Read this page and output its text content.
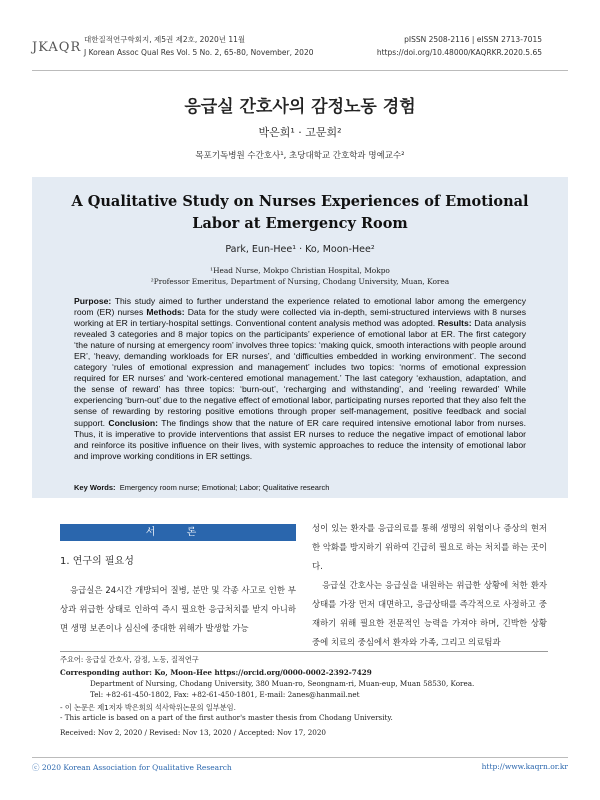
JKAQR
대한질적연구학회지, 제5권 제2호, 2020년 11월
J Korean Assoc Qual Res Vol. 5 No. 2, 65-80, November, 2020
pISSN 2508-2116 | eISSN 2713-7015
https://doi.org/10.48000/KAQRKR.2020.5.65
응급실 간호사의 감정노동 경험
박은희¹ · 고문희²
목포기독병원 수간호사¹, 초당대학교 간호학과 명예교수²
A Qualitative Study on Nurses Experiences of Emotional Labor at Emergency Room
Park, Eun-Hee¹ · Ko, Moon-Hee²
¹Head Nurse, Mokpo Christian Hospital, Mokpo
²Professor Emeritus, Department of Nursing, Chodang University, Muan, Korea
Purpose: This study aimed to further understand the experience related to emotional labor among the emergency room (ER) nurses Methods: Data for the study were collected via in-depth, semi-structured interviews with 8 nurses working at ER in tertiary-hospital settings. Conventional content analysis method was adopted. Results: Data analysis revealed 3 categories and 8 major topics on the participants’ experience of emotional labor at ER. The first category ‘the nature of nursing at emergency room’ involves three topics: ‘making quick, smooth interactions with people around ER’, ‘heavy, demanding workloads for ER nurses’, and ‘difficulties embedded in working environment’. The second category ‘rules of emotional expression and management’ includes two topics: ‘norms of emotional expression required for ER nurses’ and ‘work-centered emotional management.’ The last category ‘exhaustion, adaptation, and the sense of reward’ has three topics: ‘burn-out’, ‘recharging and withstanding’, and ‘reeling rewarded’ While experiencing ‘burn-out’ due to the negative effect of emotional labor, participating nurses reported that they also felt the sense of rewarding by restoring positive emotions through proper self-management, positive feedback and social support. Conclusion: The findings show that the nature of ER care required intensive emotional labor from nurses. Thus, it is imperative to provide interventions that assist ER nurses to reduce the negative impact of emotional labor and reinforce its positive influence on their lives, with systemic approaches to reduce the intensity of emotional labor and improve working conditions in ER settings.
Key Words: Emergency room nurse; Emotional; Labor; Qualitative research
서 론
1. 연구의 필요성
응급실은 24시간 개방되어 질병, 분만 및 각종 사고로 인한 부상과 위급한 상태로 인하여 즉시 필요한 응급처치를 받지 아니하면 생명 보존이나 심신에 중대한 위해가 발생할 가능
성이 있는 환자를 응급의료를 통해 생명의 위험이나 증상의 현저한 악화를 방지하기 위하여 긴급히 필요로 하는 처치를 하는 곳이다.
응급실 간호사는 응급실을 내원하는 위급한 상황에 처한 환자상태를 가장 먼저 대면하고, 응급상태를 즉각적으로 사정하고 중재하기 위해 필요한 전문적인 능력을 가져야 하며, 긴박한 상황 중에 치료의 중심에서 환자와 가족, 그리고 의료팀과
주요어: 응급실 간호사, 감정, 노동, 질적연구
Corresponding author: Ko, Moon-Hee https://orcid.org/0000-0002-2392-7429
Department of Nursing, Chodang University, 380 Muan-ro, Seongnam-ri, Muan-eup, Muan 58530, Korea.
Tel: +82-61-450-1802, Fax: +82-61-450-1801, E-mail: 2anes@hanmail.net
- 이 논문은 제1저자 박은희의 석사학위논문의 일부분임.
- This article is based on a part of the first author's master thesis from Chodang University.
Received: Nov 2, 2020 / Revised: Nov 13, 2020 / Accepted: Nov 17, 2020
ⓒ 2020 Korean Association for Qualitative Research	http://www.kaqrn.or.kr
